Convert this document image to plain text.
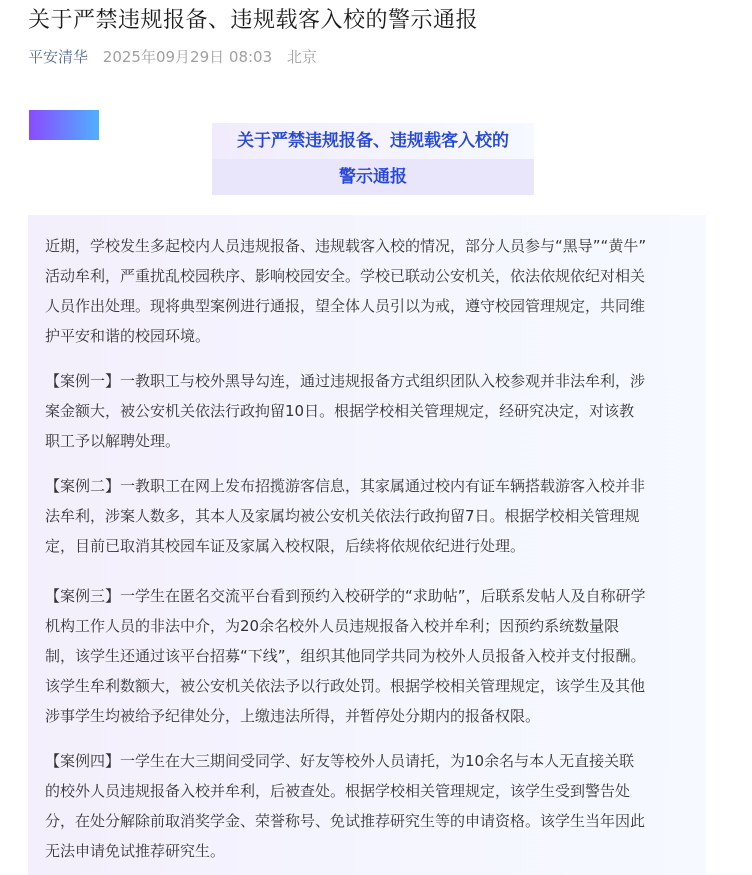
关于严禁违规报备、违规载客入校的警示通报
平安清华 2025年09月29日 08:03 北京
关于严禁违规报备、违规载客入校的
警示通报
近期，学校发生多起校内人员违规报备、违规载客入校的情况，部分人员参与“黑导”“黄牛”
活动牟利，严重扰乱校园秩序、影响校园安全。学校已联动公安机关，依法依规依纪对相关
人员作出处理。现将典型案例进行通报，望全体人员引以为戒，遵守校园管理规定，共同维
护平安和谐的校园环境。
【案例一】一教职工与校外黑导勾连，通过违规报备方式组织团队入校参观并非法牟利，涉
案金额大，被公安机关依法行政拘留10日。根据学校相关管理规定，经研究决定，对该教
职工予以解聘处理。
【案例二】一教职工在网上发布招揽游客信息，其家属通过校内有证车辆搭载游客入校并非
法牟利，涉案人数多，其本人及家属均被公安机关依法行政拘留7日。根据学校相关管理规
定，目前已取消其校园车证及家属入校权限，后续将依规依纪进行处理。
【案例三】一学生在匿名交流平台看到预约入校研学的“求助帖”，后联系发帖人及自称研学
机构工作人员的非法中介，为20余名校外人员违规报备入校并牟利；因预约系统数量限
制，该学生还通过该平台招募“下线”，组织其他同学共同为校外人员报备入校并支付报酬。
该学生牟利数额大，被公安机关依法予以行政处罚。根据学校相关管理规定，该学生及其他
涉事学生均被给予纪律处分，上缴违法所得，并暂停处分期内的报备权限。
【案例四】一学生在大三期间受同学、好友等校外人员请托，为10余名与本人无直接关联
的校外人员违规报备入校并牟利，后被查处。根据学校相关管理规定，该学生受到警告处
分，在处分解除前取消奖学金、荣誉称号、免试推荐研究生等的申请资格。该学生当年因此
无法申请免试推荐研究生。
